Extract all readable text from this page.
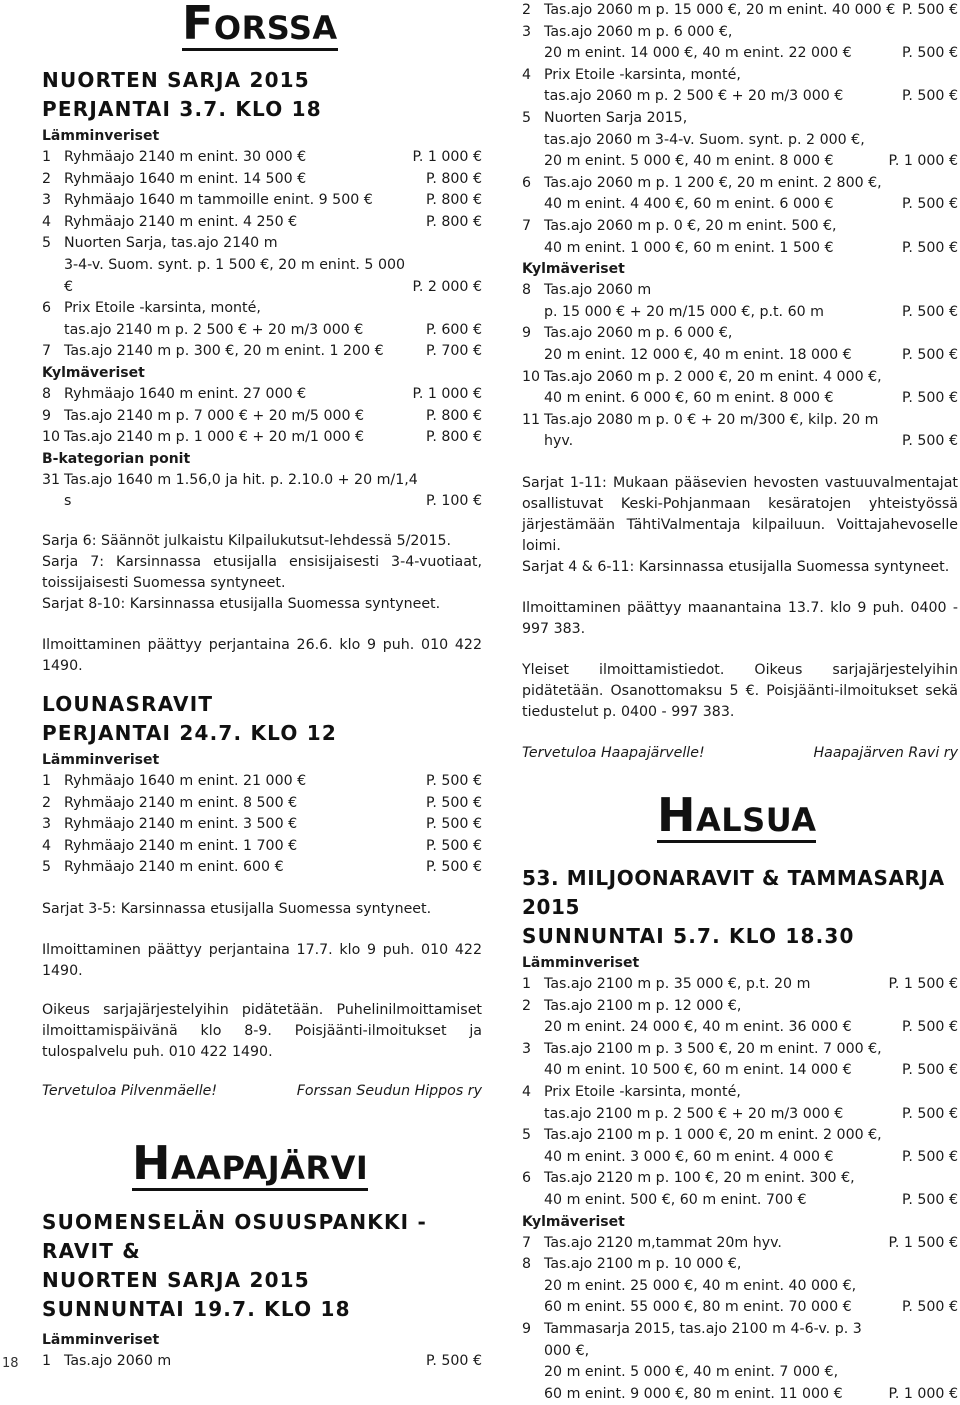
18
Forssa
NUORTEN SARJA 2015
PERJANTAI 3.7. KLO 18
Lämminveriset
1 Ryhmäajo 2140 m enint. 30 000 €	P. 1 000 €
2 Ryhmäajo 1640 m enint. 14 500 €	P. 800 €
3 Ryhmäajo 1640 m tammoille enint. 9 500 €	P. 800 €
4 Ryhmäajo 2140 m enint. 4 250 €	P. 800 €
5 Nuorten Sarja, tas.ajo 2140 m
3-4-v. Suom. synt. p. 1 500 €, 20 m enint. 5 000 €	P. 2 000 €
6 Prix Etoile -karsinta, monté,
tas.ajo 2140 m p. 2 500 € + 20 m/3 000 €	P. 600 €
7 Tas.ajo 2140 m p. 300 €, 20 m enint. 1 200 €	P. 700 €
Kylmäveriset
8 Ryhmäajo 1640 m enint. 27 000 €	P. 1 000 €
9 Tas.ajo 2140 m p. 7 000 € + 20 m/5 000 €	P. 800 €
10 Tas.ajo 2140 m p. 1 000 € + 20 m/1 000 €	P. 800 €
B-kategorian ponit
31 Tas.ajo 1640 m 1.56,0 ja hit. p. 2.10.0 + 20 m/1,4 s	P. 100 €
Sarja 6: Säännöt julkaistu Kilpailukutsut-lehdessä 5/2015.
Sarja 7: Karsinnassa etusijalla ensisijaisesti 3-4-vuotiaat, toissijaisesti Suomessa syntyneet.
Sarjat 8-10: Karsinnassa etusijalla Suomessa syntyneet.
Ilmoittaminen päättyy perjantaina 26.6. klo 9 puh. 010 422 1490.
LOUNASRAVIT
PERJANTAI 24.7. KLO 12
Lämminveriset
1 Ryhmäajo 1640 m enint. 21 000 €	P. 500 €
2 Ryhmäajo 2140 m enint. 8 500 €	P. 500 €
3 Ryhmäajo 2140 m enint. 3 500 €	P. 500 €
4 Ryhmäajo 2140 m enint. 1 700 €	P. 500 €
5 Ryhmäajo 2140 m enint. 600 €	P. 500 €
Sarjat 3-5: Karsinnassa etusijalla Suomessa syntyneet.
Ilmoittaminen päättyy perjantaina 17.7. klo 9 puh. 010 422 1490.
Oikeus sarjajärjestelyihin pidätetään. Puhelinilmoittamiset ilmoittamispäivänä klo 8-9. Poisjäänti-ilmoitukset ja tulospalvelu puh. 010 422 1490.
Tervetuloa Pilvenmäelle!	Forssan Seudun Hippos ry
Haapajärvi
SUOMENSELÄN OSUUSPANKKI -RAVIT &
NUORTEN SARJA 2015
SUNNUNTAI 19.7. KLO 18
Lämminveriset
1 Tas.ajo 2060 m	P. 500 €
2 Tas.ajo 2060 m p. 15 000 €, 20 m enint. 40 000 € P. 500 €
3 Tas.ajo 2060 m p. 6 000 €,
20 m enint. 14 000 €, 40 m enint. 22 000 €	P. 500 €
4 Prix Etoile -karsinta, monté,
tas.ajo 2060 m p. 2 500 € + 20 m/3 000 €	P. 500 €
5 Nuorten Sarja 2015,
tas.ajo 2060 m 3-4-v. Suom. synt. p. 2 000 €,
20 m enint. 5 000 €, 40 m enint. 8 000 €	P. 1 000 €
6 Tas.ajo 2060 m p. 1 200 €, 20 m enint. 2 800 €,
40 m enint. 4 400 €, 60 m enint. 6 000 €	P. 500 €
7 Tas.ajo 2060 m p. 0 €, 20 m enint. 500 €,
40 m enint. 1 000 €, 60 m enint. 1 500 €	P. 500 €
Kylmäveriset
8 Tas.ajo 2060 m
p. 15 000 € + 20 m/15 000 €, p.t. 60 m	P. 500 €
9 Tas.ajo 2060 m p. 6 000 €,
20 m enint. 12 000 €, 40 m enint. 18 000 €	P. 500 €
10 Tas.ajo 2060 m p. 2 000 €, 20 m enint. 4 000 €,
40 m enint. 6 000 €, 60 m enint. 8 000 €	P. 500 €
11 Tas.ajo 2080 m p. 0 € + 20 m/300 €, kilp. 20 m hyv.	P. 500 €
Sarjat 1-11: Mukaan pääsevien hevosten vastuuvalmentajat osallistuvat Keski-Pohjanmaan kesäratojen yhteistyössä järjestämään TähtiValmentaja kilpailuun. Voittajahevoselle loimi.
Sarjat 4 & 6-11: Karsinnassa etusijalla Suomessa syntyneet.
Ilmoittaminen päättyy maanantaina 13.7. klo 9 puh. 0400 - 997 383.
Yleiset ilmoittamistiedot. Oikeus sarjajärjestelyihin pidätetään. Osanottomaksu 5 €. Poisjäänti-ilmoitukset sekä tiedustelut p. 0400 - 997 383.
Tervetuloa Haapajärvelle!	Haapajärven Ravi ry
Halsua
53. MILJOONARAVIT & TAMMASARJA 2015
SUNNUNTAI 5.7. KLO 18.30
Lämminveriset
1 Tas.ajo 2100 m p. 35 000 €, p.t. 20 m	P. 1 500 €
2 Tas.ajo 2100 m p. 12 000 €,
20 m enint. 24 000 €, 40 m enint. 36 000 €	P. 500 €
3 Tas.ajo 2100 m p. 3 500 €, 20 m enint. 7 000 €,
40 m enint. 10 500 €, 60 m enint. 14 000 €	P. 500 €
4 Prix Etoile -karsinta, monté,
tas.ajo 2100 m p. 2 500 € + 20 m/3 000 €	P. 500 €
5 Tas.ajo 2100 m p. 1 000 €, 20 m enint. 2 000 €,
40 m enint. 3 000 €, 60 m enint. 4 000 €	P. 500 €
6 Tas.ajo 2120 m p. 100 €, 20 m enint. 300 €,
40 m enint. 500 €, 60 m enint. 700 €	P. 500 €
Kylmäveriset
7 Tas.ajo 2120 m,tammat 20m hyv.	P. 1 500 €
8 Tas.ajo 2100 m p. 10 000 €,
20 m enint. 25 000 €, 40 m enint. 40 000 €,
60 m enint. 55 000 €, 80 m enint. 70 000 €	P. 500 €
9 Tammasarja 2015, tas.ajo 2100 m 4-6-v. p. 3 000 €,
20 m enint. 5 000 €, 40 m enint. 7 000 €,
60 m enint. 9 000 €, 80 m enint. 11 000 €	P. 1 000 €
